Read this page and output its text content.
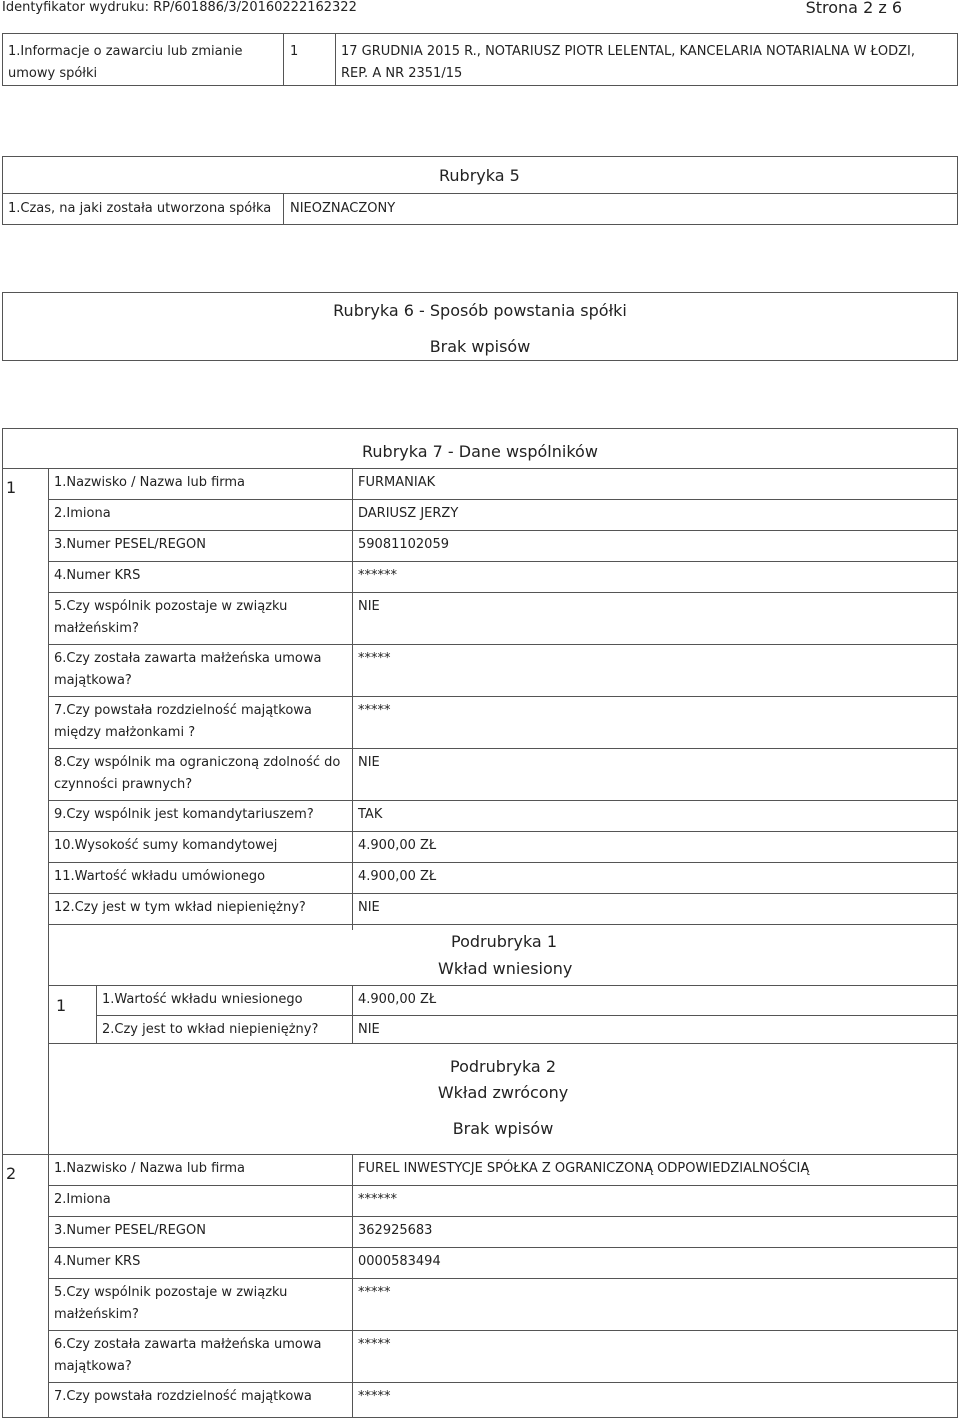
Identyfikator wydruku: RP/601886/3/20160222162322	Strona 2 z 6
1.Informacje o zawarciu lub zmianie umowy spółki
1	17 GRUDNIA 2015 R., NOTARIUSZ PIOTR LELENTAL, KANCELARIA NOTARIALNA W ŁODZI, REP. A NR 2351/15
Rubryka 5
1.Czas, na jaki została utworzona spółka NIEOZNACZONY
Rubryka 6 - Sposób powstania spółki
Brak wpisów
Rubryka 7 - Dane wspólników
1	1.Nazwisko / Nazwa lub firma	FURMANIAK
2.Imiona	DARIUSZ JERZY
3.Numer PESEL/REGON	59081102059
4.Numer KRS	******
5.Czy wspólnik pozostaje w związku małżeńskim?
NIE
6.Czy została zawarta małżeńska umowa majątkowa?
*****
7.Czy powstała rozdzielność majątkowa między małżonkami ?
*****
8.Czy wspólnik ma ograniczoną zdolność do czynności prawnych?
NIE
9.Czy wspólnik jest komandytariuszem?	TAK
10.Wysokość sumy komandytowej	4.900,00 ZŁ
11.Wartość wkładu umówionego	4.900,00 ZŁ
12.Czy jest w tym wkład niepieniężny?	NIE
Podrubryka 1
Wkład wniesiony
1	1.Wartość wkładu wniesionego	4.900,00 ZŁ
2.Czy jest to wkład niepieniężny?	NIE
Podrubryka 2
Wkład zwrócony
Brak wpisów
2	1.Nazwisko / Nazwa lub firma	FUREL INWESTYCJE SPÓŁKA Z OGRANICZONĄ ODPOWIEDZIALNOŚCIĄ
2.Imiona	******
3.Numer PESEL/REGON	362925683
4.Numer KRS	0000583494
5.Czy wspólnik pozostaje w związku małżeńskim?
*****
6.Czy została zawarta małżeńska umowa majątkowa?
*****
7.Czy powstała rozdzielność majątkowa	*****
